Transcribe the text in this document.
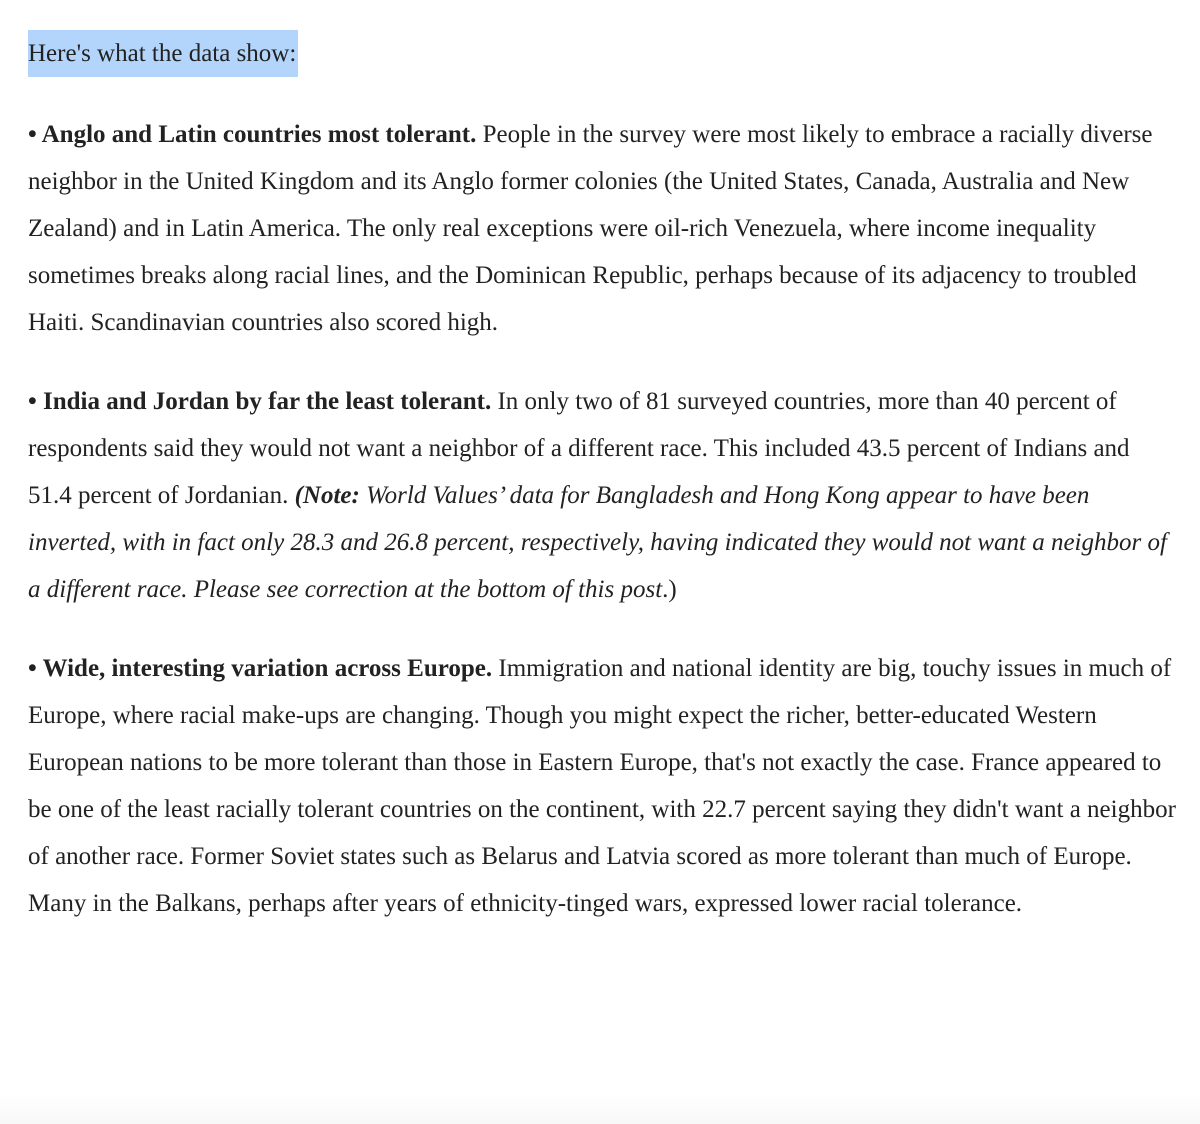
Here's what the data show:

• Anglo and Latin countries most tolerant. People in the survey were most likely to embrace a racially diverse neighbor in the United Kingdom and its Anglo former colonies (the United States, Canada, Australia and New Zealand) and in Latin America. The only real exceptions were oil-rich Venezuela, where income inequality sometimes breaks along racial lines, and the Dominican Republic, perhaps because of its adjacency to troubled Haiti. Scandinavian countries also scored high.

• India and Jordan by far the least tolerant. In only two of 81 surveyed countries, more than 40 percent of respondents said they would not want a neighbor of a different race. This included 43.5 percent of Indians and 51.4 percent of Jordanian. (Note: World Values’ data for Bangladesh and Hong Kong appear to have been inverted, with in fact only 28.3 and 26.8 percent, respectively, having indicated they would not want a neighbor of a different race. Please see correction at the bottom of this post.)

• Wide, interesting variation across Europe. Immigration and national identity are big, touchy issues in much of Europe, where racial make-ups are changing. Though you might expect the richer, better-educated Western European nations to be more tolerant than those in Eastern Europe, that's not exactly the case. France appeared to be one of the least racially tolerant countries on the continent, with 22.7 percent saying they didn't want a neighbor of another race. Former Soviet states such as Belarus and Latvia scored as more tolerant than much of Europe. Many in the Balkans, perhaps after years of ethnicity-tinged wars, expressed lower racial tolerance.
